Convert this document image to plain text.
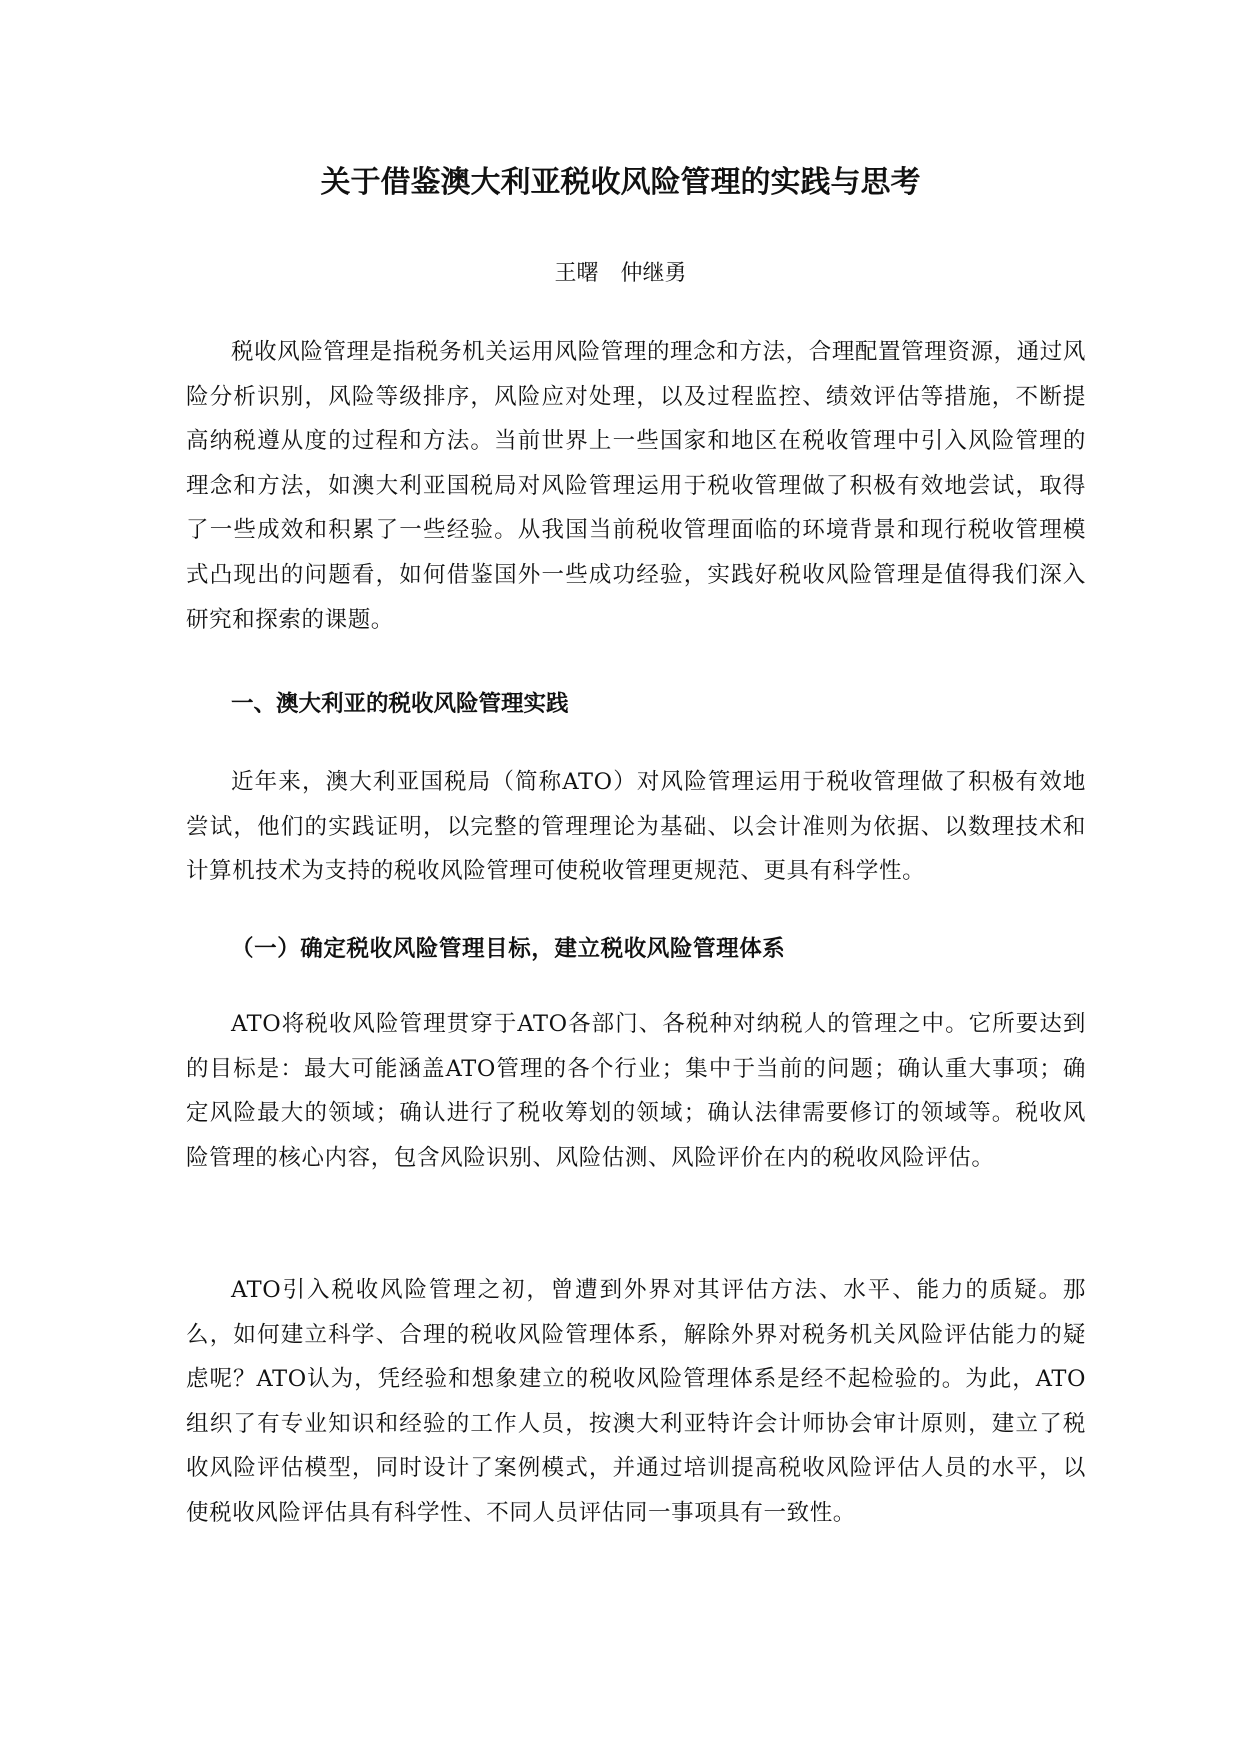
关于借鉴澳大利亚税收风险管理的实践与思考

王曙　仲继勇

税收风险管理是指税务机关运用风险管理的理念和方法，合理配置管理资源，通过风险分析识别，风险等级排序，风险应对处理，以及过程监控、绩效评估等措施，不断提高纳税遵从度的过程和方法。当前世界上一些国家和地区在税收管理中引入风险管理的理念和方法，如澳大利亚国税局对风险管理运用于税收管理做了积极有效地尝试，取得了一些成效和积累了一些经验。从我国当前税收管理面临的环境背景和现行税收管理模式凸现出的问题看，如何借鉴国外一些成功经验，实践好税收风险管理是值得我们深入研究和探索的课题。

一、澳大利亚的税收风险管理实践

近年来，澳大利亚国税局（简称ATO）对风险管理运用于税收管理做了积极有效地尝试，他们的实践证明，以完整的管理理论为基础、以会计准则为依据、以数理技术和计算机技术为支持的税收风险管理可使税收管理更规范、更具有科学性。

（一）确定税收风险管理目标，建立税收风险管理体系

ATO将税收风险管理贯穿于ATO各部门、各税种对纳税人的管理之中。它所要达到的目标是：最大可能涵盖ATO管理的各个行业；集中于当前的问题；确认重大事项；确定风险最大的领域；确认进行了税收筹划的领域；确认法律需要修订的领域等。税收风险管理的核心内容，包含风险识别、风险估测、风险评价在内的税收风险评估。

ATO引入税收风险管理之初，曾遭到外界对其评估方法、水平、能力的质疑。那么，如何建立科学、合理的税收风险管理体系，解除外界对税务机关风险评估能力的疑虑呢？ATO认为，凭经验和想象建立的税收风险管理体系是经不起检验的。为此，ATO组织了有专业知识和经验的工作人员，按澳大利亚特许会计师协会审计原则，建立了税收风险评估模型，同时设计了案例模式，并通过培训提高税收风险评估人员的水平，以使税收风险评估具有科学性、不同人员评估同一事项具有一致性。
